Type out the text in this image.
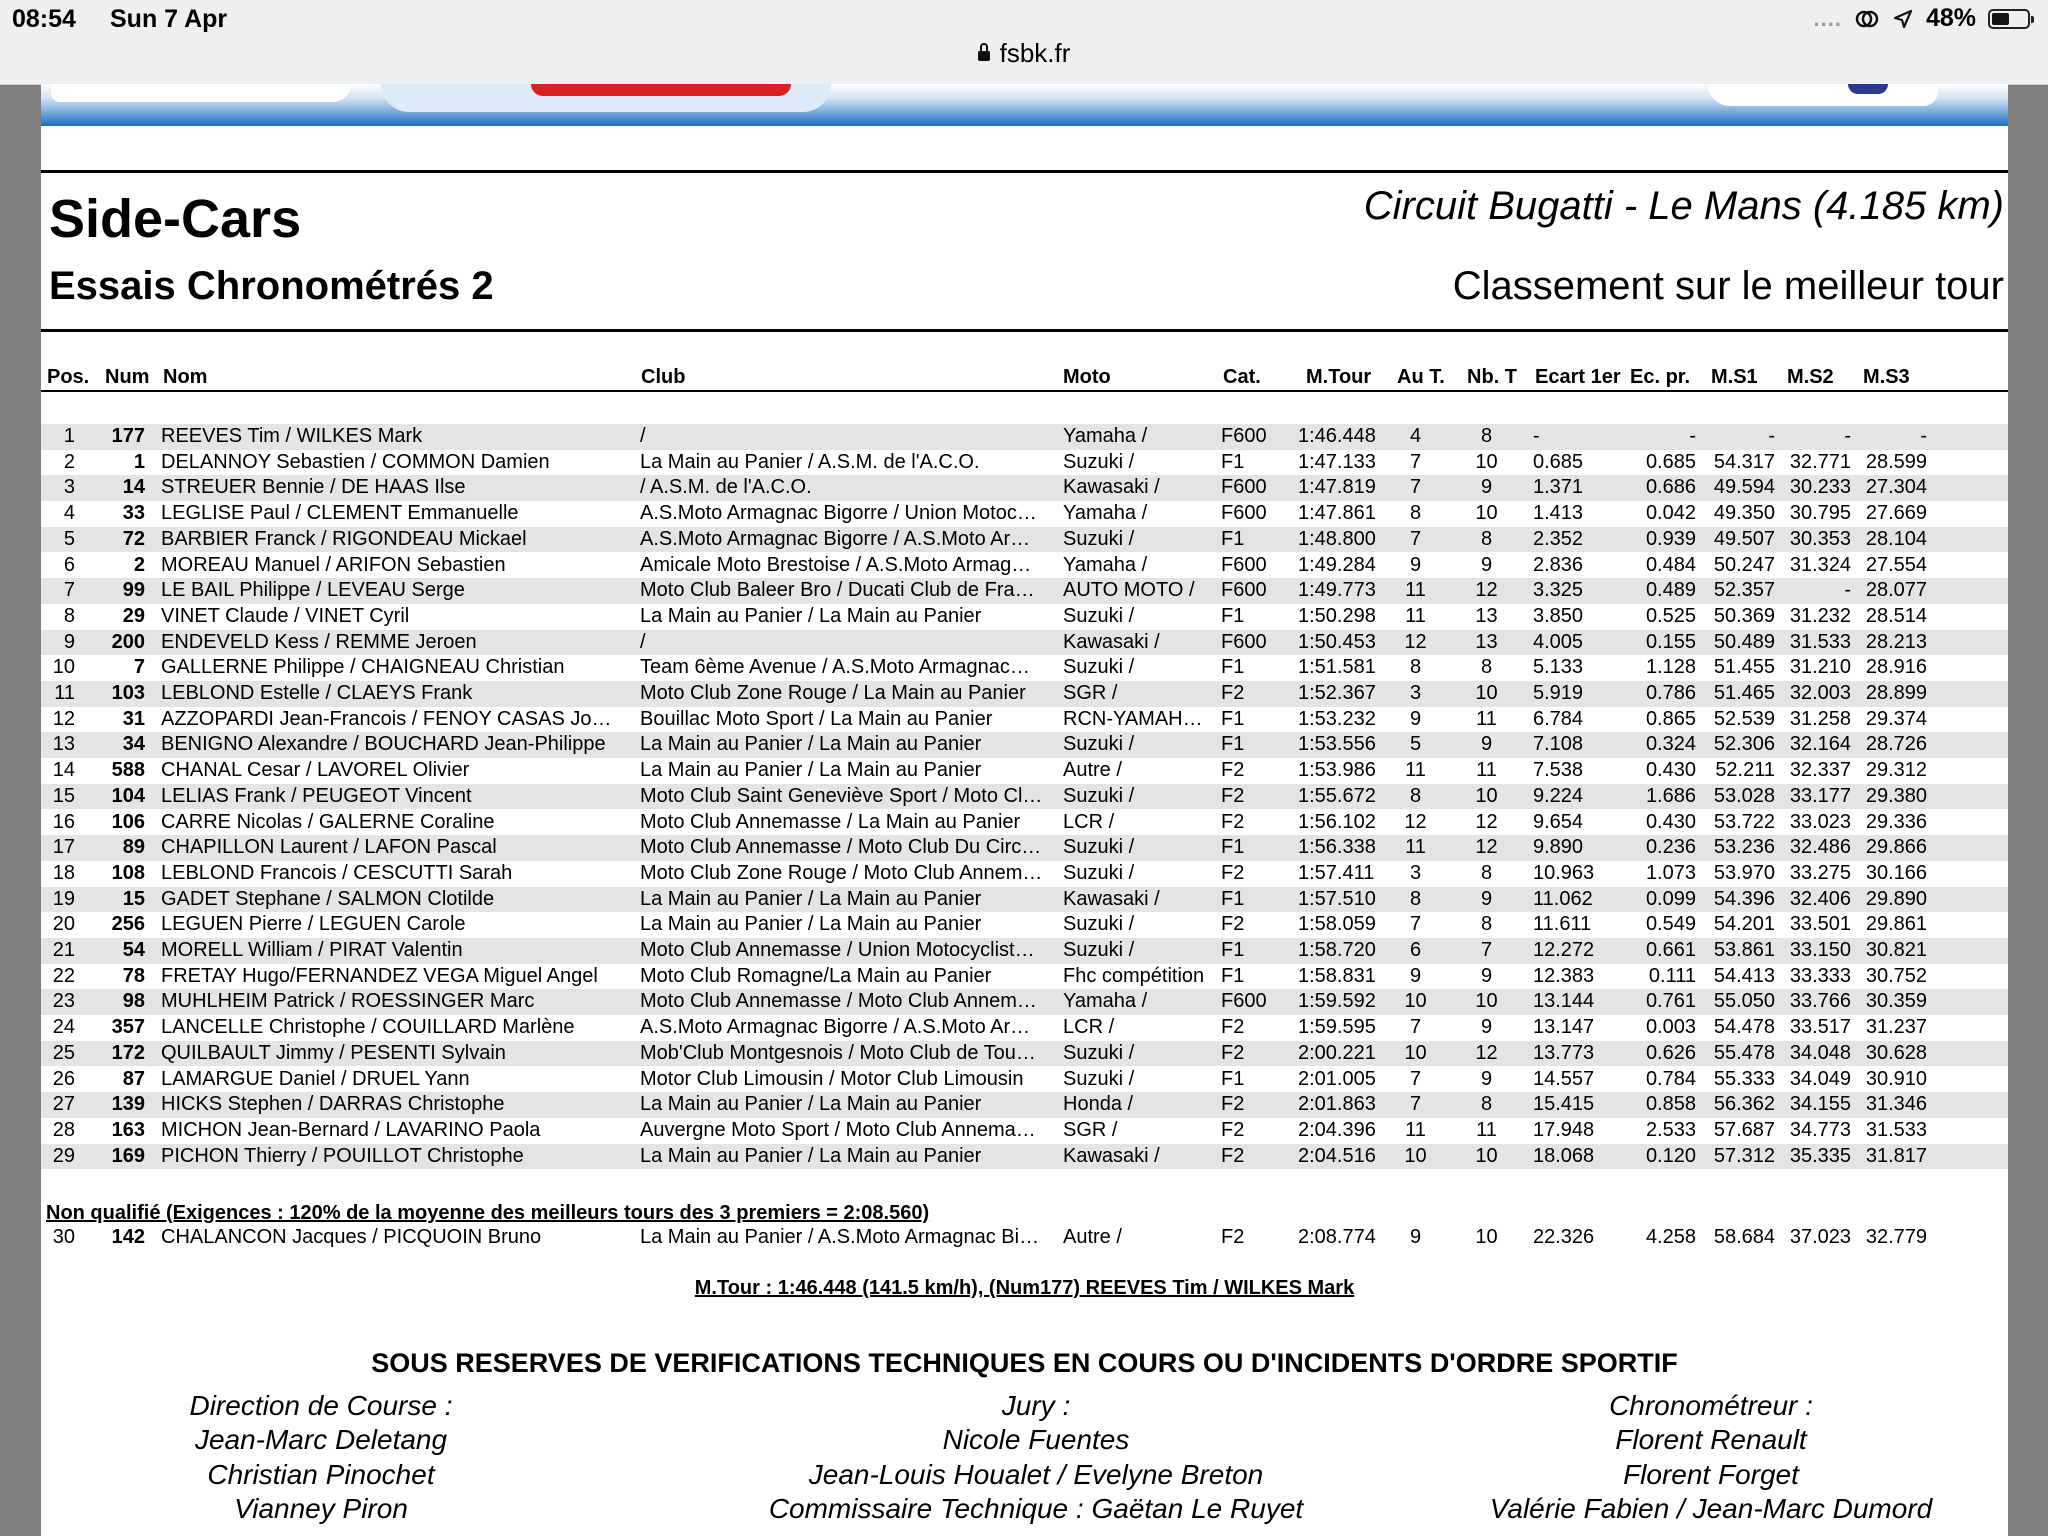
08:54 Sun 7 Apr	....	48%
fsbk.fr
Side-Cars
Essais Chronométrés 2
Circuit Bugatti - Le Mans (4.185 km)
Classement sur le meilleur tour
Pos. Num Nom	Club	Moto	Cat.	M.Tour	Au T.	Nb. T Ecart 1er Ec. pr.	M.S1	M.S2	M.S3
1	177 REEVES Tim / WILKES Mark	/	Yamaha /	F600	1:46.448	4	8	-	-	-	-	-
2	1 DELANNOY Sebastien / COMMON Damien	La Main au Panier / A.S.M. de l'A.C.O.	Suzuki /	F1	1:47.133	7	10	0.685	0.685 54.317 32.771 28.599
3	14 STREUER Bennie / DE HAAS Ilse	/ A.S.M. de l'A.C.O.	Kawasaki /	F600	1:47.819	7	9	1.371	0.686 49.594 30.233 27.304
4	33 LEGLISE Paul / CLEMENT Emmanuelle	A.S.Moto Armagnac Bigorre / Union Motoc…	Yamaha /	F600	1:47.861	8	10	1.413	0.042 49.350 30.795 27.669
5	72 BARBIER Franck / RIGONDEAU Mickael	A.S.Moto Armagnac Bigorre / A.S.Moto Ar…	Suzuki /	F1	1:48.800	7	8	2.352	0.939 49.507 30.353 28.104
6	2 MOREAU Manuel / ARIFON Sebastien	Amicale Moto Brestoise / A.S.Moto Armag…	Yamaha /	F600	1:49.284	9	9	2.836	0.484 50.247 31.324 27.554
7	99 LE BAIL Philippe / LEVEAU Serge	Moto Club Baleer Bro / Ducati Club de Fra…	AUTO MOTO /	F600	1:49.773	11	12	3.325	0.489 52.357	- 28.077
8	29 VINET Claude / VINET Cyril	La Main au Panier / La Main au Panier	Suzuki /	F1	1:50.298	11	13	3.850	0.525 50.369 31.232 28.514
9	200 ENDEVELD Kess / REMME Jeroen	/	Kawasaki /	F600	1:50.453	12	13	4.005	0.155 50.489 31.533 28.213
10	7 GALLERNE Philippe / CHAIGNEAU Christian	Team 6ème Avenue / A.S.Moto Armagnac…	Suzuki /	F1	1:51.581	8	8	5.133	1.128 51.455 31.210 28.916
11	103 LEBLOND Estelle / CLAEYS Frank	Moto Club Zone Rouge / La Main au Panier	SGR /	F2	1:52.367	3	10	5.919	0.786 51.465 32.003 28.899
12	31 AZZOPARDI Jean-Francois / FENOY CASAS Jo…	Bouillac Moto Sport / La Main au Panier	RCN-YAMAH… F1	1:53.232	9	11	6.784	0.865 52.539 31.258 29.374
13	34 BENIGNO Alexandre / BOUCHARD Jean-Philippe	La Main au Panier / La Main au Panier	Suzuki /	F1	1:53.556	5	9	7.108	0.324 52.306 32.164 28.726
14	588 CHANAL Cesar / LAVOREL Olivier	La Main au Panier / La Main au Panier	Autre /	F2	1:53.986	11	11	7.538	0.430 52.211 32.337 29.312
15	104 LELIAS Frank / PEUGEOT Vincent	Moto Club Saint Geneviève Sport / Moto Cl…	Suzuki /	F2	1:55.672	8	10	9.224	1.686 53.028 33.177 29.380
16	106 CARRE Nicolas / GALERNE Coraline	Moto Club Annemasse / La Main au Panier	LCR /	F2	1:56.102	12	12	9.654	0.430 53.722 33.023 29.336
17	89 CHAPILLON Laurent / LAFON Pascal	Moto Club Annemasse / Moto Club Du Circ…	Suzuki /	F1	1:56.338	11	12	9.890	0.236 53.236 32.486 29.866
18	108 LEBLOND Francois / CESCUTTI Sarah	Moto Club Zone Rouge / Moto Club Annem…	Suzuki /	F2	1:57.411	3	8	10.963	1.073 53.970 33.275 30.166
19	15 GADET Stephane / SALMON Clotilde	La Main au Panier / La Main au Panier	Kawasaki /	F1	1:57.510	8	9	11.062	0.099 54.396 32.406 29.890
20	256 LEGUEN Pierre / LEGUEN Carole	La Main au Panier / La Main au Panier	Suzuki /	F2	1:58.059	7	8	11.611	0.549 54.201 33.501 29.861
21	54 MORELL William / PIRAT Valentin	Moto Club Annemasse / Union Motocyclist…	Suzuki /	F1	1:58.720	6	7	12.272	0.661 53.861 33.150 30.821
22	78 FRETAY Hugo/FERNANDEZ VEGA Miguel Angel	Moto Club Romagne/La Main au Panier	Fhc compétition F1	1:58.831	9	9	12.383	0.111 54.413 33.333 30.752
23	98 MUHLHEIM Patrick / ROESSINGER Marc	Moto Club Annemasse / Moto Club Annem…	Yamaha /	F600	1:59.592	10	10	13.144	0.761 55.050 33.766 30.359
24	357 LANCELLE Christophe / COUILLARD Marlène	A.S.Moto Armagnac Bigorre / A.S.Moto Ar…	LCR /	F2	1:59.595	7	9	13.147	0.003 54.478 33.517 31.237
25	172 QUILBAULT Jimmy / PESENTI Sylvain	Mob'Club Montgesnois / Moto Club de Tou…	Suzuki /	F2	2:00.221	10	12	13.773	0.626 55.478 34.048 30.628
26	87 LAMARGUE Daniel / DRUEL Yann	Motor Club Limousin / Motor Club Limousin	Suzuki /	F1	2:01.005	7	9	14.557	0.784 55.333 34.049 30.910
27	139 HICKS Stephen / DARRAS Christophe	La Main au Panier / La Main au Panier	Honda /	F2	2:01.863	7	8	15.415	0.858 56.362 34.155 31.346
28	163 MICHON Jean-Bernard / LAVARINO Paola	Auvergne Moto Sport / Moto Club Annema…	SGR /	F2	2:04.396	11	11	17.948	2.533 57.687 34.773 31.533
29	169 PICHON Thierry / POUILLOT Christophe	La Main au Panier / La Main au Panier	Kawasaki /	F2	2:04.516	10	10	18.068	0.120 57.312 35.335 31.817
Non qualifié (Exigences : 120% de la moyenne des meilleurs tours des 3 premiers = 2:08.560)
30	142 CHALANCON Jacques / PICQUOIN Bruno	La Main au Panier / A.S.Moto Armagnac Bi…	Autre /	F2	2:08.774	9	10	22.326	4.258 58.684 37.023 32.779
M.Tour : 1:46.448 (141.5 km/h), (Num177) REEVES Tim / WILKES Mark
SOUS RESERVES DE VERIFICATIONS TECHNIQUES EN COURS OU D'INCIDENTS D'ORDRE SPORTIF
Direction de Course :
Jean-Marc Deletang
Christian Pinochet
Vianney Piron
Jury :
Nicole Fuentes
Jean-Louis Houalet / Evelyne Breton
Commissaire Technique : Gaëtan Le Ruyet
Chronométreur :
Florent Renault
Florent Forget
Valérie Fabien / Jean-Marc Dumord
